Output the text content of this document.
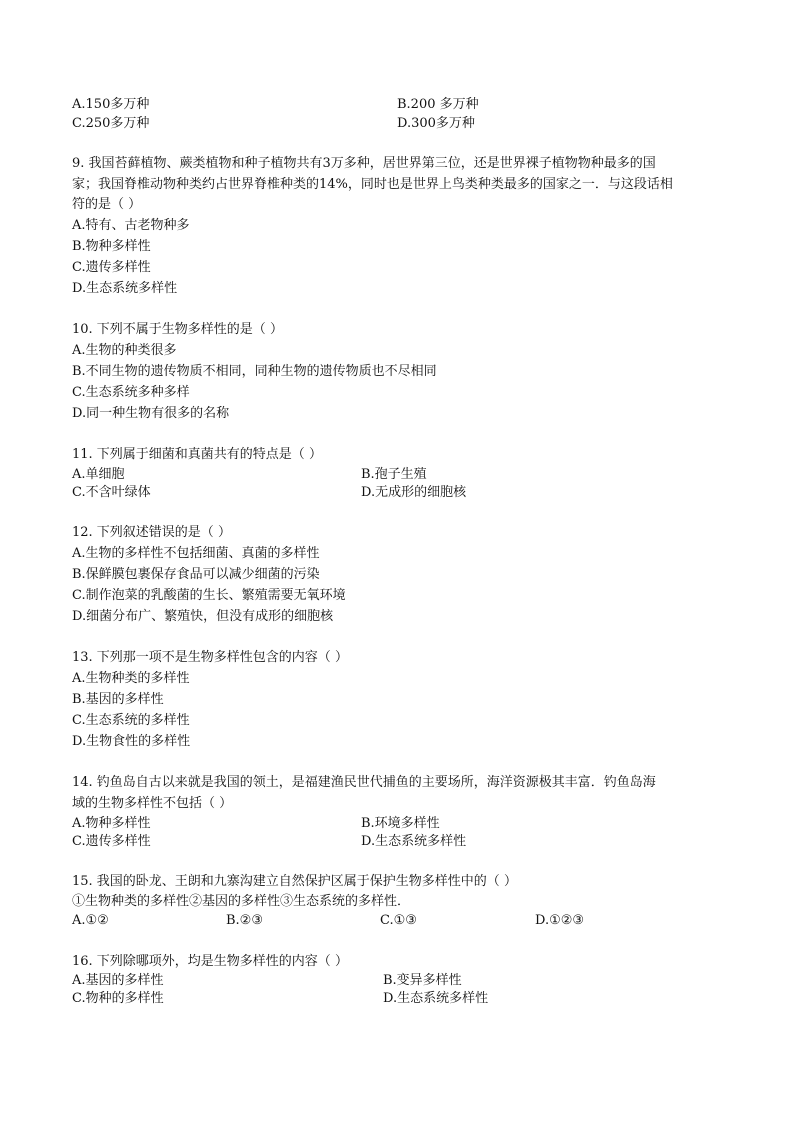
A.150多万种	B.200 多万种
C.250多万种	D.300多万种
9. 我国苔藓植物、蕨类植物和种子植物共有3万多种，居世界第三位，还是世界裸子植物物种最多的国
家；我国脊椎动物种类约占世界脊椎种类的14%，同时也是世界上鸟类种类最多的国家之一．与这段话相
符的是（ ）
A.特有、古老物种多
B.物种多样性
C.遗传多样性
D.生态系统多样性
10. 下列不属于生物多样性的是（ ）
A.生物的种类很多
B.不同生物的遗传物质不相同，同种生物的遗传物质也不尽相同
C.生态系统多种多样
D.同一种生物有很多的名称
11. 下列属于细菌和真菌共有的特点是（ ）
A.单细胞	B.孢子生殖
C.不含叶绿体	D.无成形的细胞核
12. 下列叙述错误的是（ ）
A.生物的多样性不包括细菌、真菌的多样性
B.保鲜膜包裹保存食品可以减少细菌的污染
C.制作泡菜的乳酸菌的生长、繁殖需要无氧环境
D.细菌分布广、繁殖快，但没有成形的细胞核
13. 下列那一项不是生物多样性包含的内容（ ）
A.生物种类的多样性
B.基因的多样性
C.生态系统的多样性
D.生物食性的多样性
14. 钓鱼岛自古以来就是我国的领土，是福建渔民世代捕鱼的主要场所，海洋资源极其丰富．钓鱼岛海
域的生物多样性不包括（ ）
A.物种多样性	B.环境多样性
C.遗传多样性	D.生态系统多样性
15. 我国的卧龙、王朗和九寨沟建立自然保护区属于保护生物多样性中的（ ）
①生物种类的多样性②基因的多样性③生态系统的多样性．
A.①②	B.②③	C.①③	D.①②③
16. 下列除哪项外，均是生物多样性的内容（ ）
A.基因的多样性	B.变异多样性
C.物种的多样性	D.生态系统多样性
